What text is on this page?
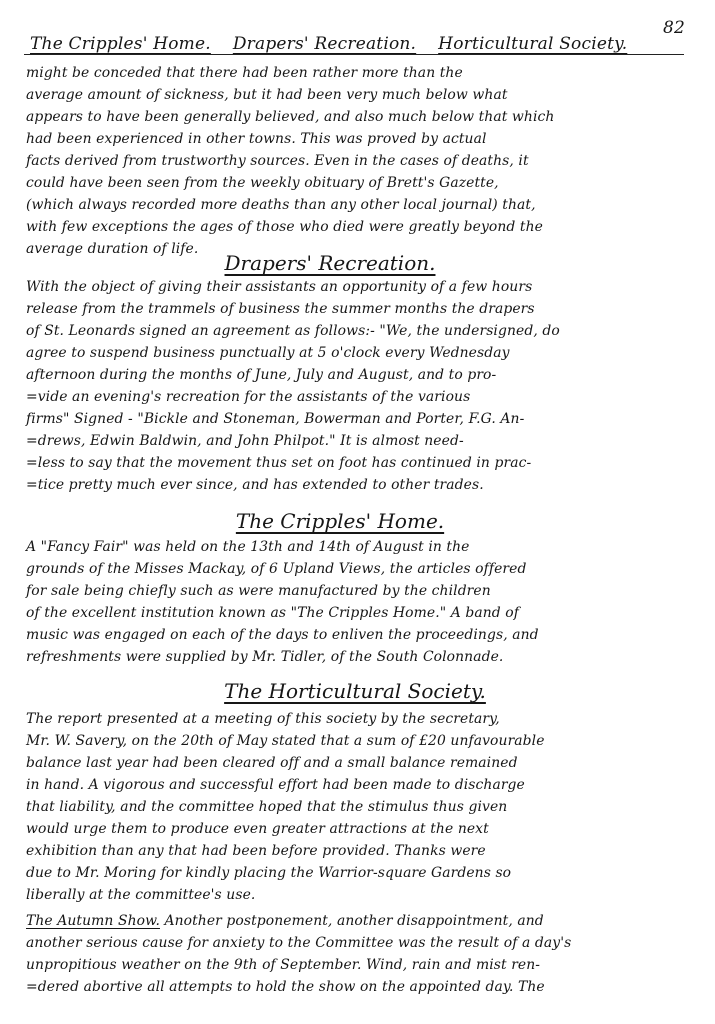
The Cripples' Home. Drapers' Recreation. Horticultural Society.
82
might be conceded that there had been rather more than the
average amount of sickness, but it had been very much below what
appears to have been generally believed, and also much below that which
had been experienced in other towns. This was proved by actual
facts derived from trustworthy sources. Even in the cases of deaths, it
could have been seen from the weekly obituary of Brett's Gazette,
(which always recorded more deaths than any other local journal) that,
with few exceptions the ages of those who died were greatly beyond the
average duration of life.
Drapers' Recreation.
With the object of giving their assistants an opportunity of a few hours
release from the trammels of business the summer months the drapers
of St. Leonards signed an agreement as follows:- "We, the undersigned, do
agree to suspend business punctually at 5 o'clock every Wednesday
afternoon during the months of June, July and August, and to pro-
=vide an evening's recreation for the assistants of the various
firms" Signed - "Bickle and Stoneman, Bowerman and Porter, F.G. An-
=drews, Edwin Baldwin, and John Philpot." It is almost need-
=less to say that the movement thus set on foot has continued in prac-
=tice pretty much ever since, and has extended to other trades.
The Cripples' Home.
A "Fancy Fair" was held on the 13th and 14th of August in the
grounds of the Misses Mackay, of 6 Upland Views, the articles offered
for sale being chiefly such as were manufactured by the children
of the excellent institution known as "The Cripples Home." A band of
music was engaged on each of the days to enliven the proceedings, and
refreshments were supplied by Mr. Tidler, of the South Colonnade.
The Horticultural Society.
The report presented at a meeting of this society by the secretary,
Mr. W. Savery, on the 20th of May stated that a sum of £20 unfavourable
balance last year had been cleared off and a small balance remained
in hand. A vigorous and successful effort had been made to discharge
that liability, and the committee hoped that the stimulus thus given
would urge them to produce even greater attractions at the next
exhibition than any that had been before provided. Thanks were
due to Mr. Moring for kindly placing the Warrior-square Gardens so
liberally at the committee's use.
The Autumn Show. Another postponement, another disappointment, and
another serious cause for anxiety to the Committee was the result of a day's
unpropitious weather on the 9th of September. Wind, rain and mist ren-
=dered abortive all attempts to hold the show on the appointed day. The
